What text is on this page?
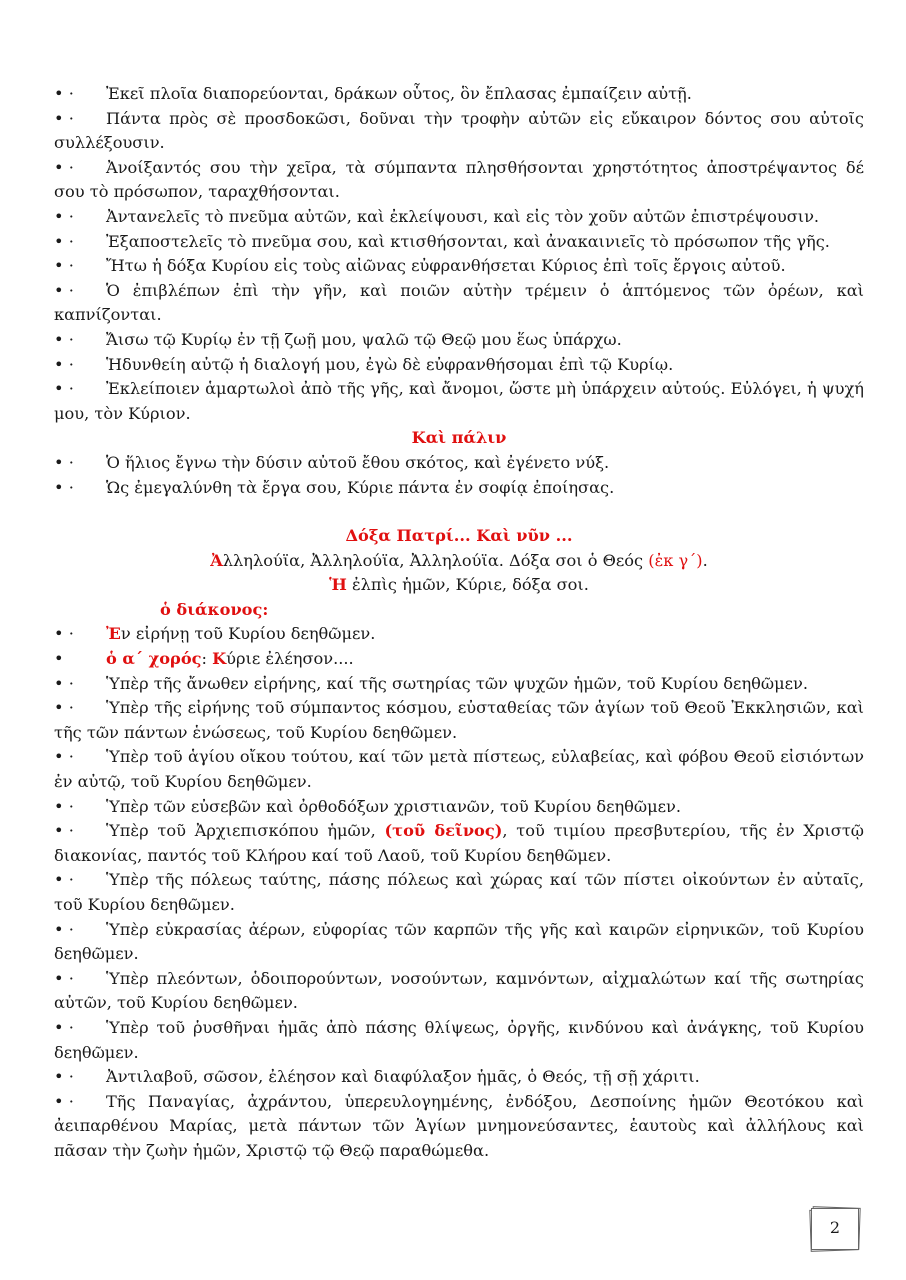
• · Ἐκεῖ πλοῖα διαπορεύονται, δράκων οὗτος, ὃν ἔπλασας ἐμπαίζειν αὐτῇ.

• · Πάντα πρὸς σὲ προσδοκῶσι, δοῦναι τὴν τροφὴν αὐτῶν εἰς εὔκαιρον δόντος σου αὐτοῖς συλλέξουσιν.

• · Ἀνοίξαντός σου τὴν χεῖρα, τὰ σύμπαντα πλησθήσονται χρηστότητος ἀποστρέψαντος δέ σου τὸ πρόσωπον, ταραχθήσονται.

• · Ἀντανελεῖς τὸ πνεῦμα αὐτῶν, καὶ ἐκλείψουσι, καὶ εἰς τὸν χοῦν αὐτῶν ἐπιστρέψουσιν.

• · Ἐξαποστελεῖς τὸ πνεῦμα σου, καὶ κτισθήσονται, καὶ ἀνακαινιεῖς τὸ πρόσωπον τῆς γῆς.

• · Ἤτω ἡ δόξα Κυρίου εἰς τοὺς αἰῶνας εὐφρανθήσεται Κύριος ἐπὶ τοῖς ἔργοις αὐτοῦ.

• · Ὁ ἐπιβλέπων ἐπὶ τὴν γῆν, καὶ ποιῶν αὐτὴν τρέμειν ὁ ἁπτόμενος τῶν ὀρέων, καὶ καπνίζονται.

• · Ἄισω τῷ Κυρίῳ ἐν τῇ ζωῇ μου, ψαλῶ τῷ Θεῷ μου ἕως ὑπάρχω.

• · Ἡδυνθείη αὐτῷ ἡ διαλογή μου, ἐγὼ δὲ εὐφρανθήσομαι ἐπὶ τῷ Κυρίῳ.

• · Ἐκλείποιεν ἁμαρτωλοὶ ἀπὸ τῆς γῆς, καὶ ἄνομοι, ὥστε μὴ ὑπάρχειν αὐτούς. Εὐλόγει, ἡ ψυχή μου, τὸν Κύριον.

Καὶ πάλιν

• · Ὁ ἥλιος ἔγνω τὴν δύσιν αὐτοῦ ἔθου σκότος, καὶ ἐγένετο νύξ.

• · Ὡς ἐμεγαλύνθη τὰ ἔργα σου, Κύριε πάντα ἐν σοφίᾳ ἐποίησας.

Δόξα Πατρί... Καὶ νῦν ...

Ἀλληλούϊα, Ἀλληλούϊα, Ἀλληλούϊα. Δόξα σοι ὁ Θεός (ἐκ γ΄).

Ἡ ἐλπὶς ἡμῶν, Κύριε, δόξα σοι.

ὁ διάκονος:

• · Ἐν εἰρήνῃ τοῦ Κυρίου δεηθῶμεν.

•	ὁ α΄ χορός: Κύριε ἐλέησον....

• · Ὑπὲρ τῆς ἄνωθεν εἰρήνης, καί τῆς σωτηρίας τῶν ψυχῶν ἡμῶν, τοῦ Κυρίου δεηθῶμεν.

• · Ὑπὲρ τῆς εἰρήνης τοῦ σύμπαντος κόσμου, εὐσταθείας τῶν ἁγίων τοῦ Θεοῦ Ἐκκλησιῶν, καὶ τῆς τῶν πάντων ἑνώσεως, τοῦ Κυρίου δεηθῶμεν.

• · Ὑπὲρ τοῦ ἁγίου οἴκου τούτου, καί τῶν μετὰ πίστεως, εὐλαβείας, καὶ φόβου Θεοῦ εἰσιόντων ἐν αὐτῷ, τοῦ Κυρίου δεηθῶμεν.

• · Ὑπὲρ τῶν εὐσεβῶν καὶ ὀρθοδόξων χριστιανῶν, τοῦ Κυρίου δεηθῶμεν.

• · Ὑπὲρ τοῦ Ἀρχιεπισκόπου ἡμῶν, (τοῦ δεῖνος), τοῦ τιμίου πρεσβυτερίου, τῆς ἐν Χριστῷ διακονίας, παντός τοῦ Κλήρου καί τοῦ Λαοῦ, τοῦ Κυρίου δεηθῶμεν.

• · Ὑπὲρ τῆς πόλεως ταύτης, πάσης πόλεως καὶ χώρας καί τῶν πίστει οἰκούντων ἐν αὐταῖς, τοῦ Κυρίου δεηθῶμεν.

• · Ὑπὲρ εὐκρασίας ἀέρων, εὐφορίας τῶν καρπῶν τῆς γῆς καὶ καιρῶν εἰρηνικῶν, τοῦ Κυρίου δεηθῶμεν.

• · Ὑπὲρ πλεόντων, ὁδοιπορούντων, νοσούντων, καμνόντων, αἰχμαλώτων καί τῆς σωτηρίας αὐτῶν, τοῦ Κυρίου δεηθῶμεν.

• · Ὑπὲρ τοῦ ῥυσθῆναι ἡμᾶς ἀπὸ πάσης θλίψεως, ὀργῆς, κινδύνου καὶ ἀνάγκης, τοῦ Κυρίου δεηθῶμεν.

• · Ἀντιλαβοῦ, σῶσον, ἐλέησον καὶ διαφύλαξον ἡμᾶς, ὁ Θεός, τῇ σῇ χάριτι.

• · Τῆς Παναγίας, ἀχράντου, ὑπερευλογημένης, ἐνδόξου, Δεσποίνης ἡμῶν Θεοτόκου καὶ ἀειπαρθένου Μαρίας, μετὰ πάντων τῶν Ἁγίων μνημονεύσαντες, ἑαυτοὺς καὶ ἀλλήλους καὶ πᾶσαν τὴν ζωὴν ἡμῶν, Χριστῷ τῷ Θεῷ παραθώμεθα.

2
